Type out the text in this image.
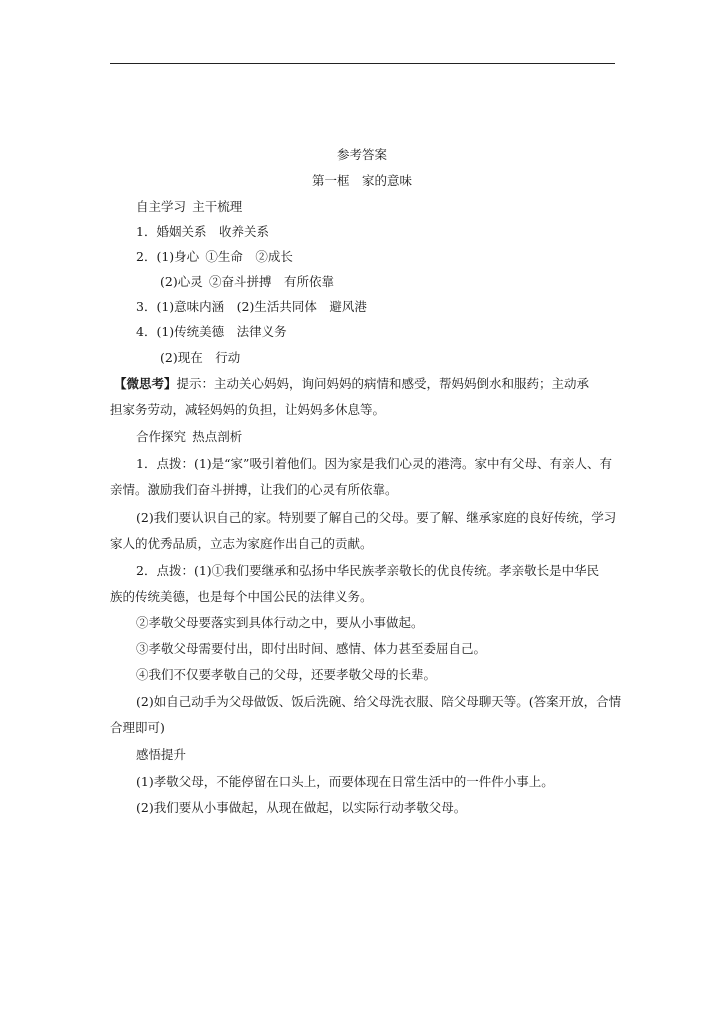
参考答案
第一框　家的意味
自主学习 主干梳理
1．婚姻关系　收养关系
2．(1)身心 ①生命　②成长
(2)心灵 ②奋斗拼搏　有所依靠
3．(1)意味内涵　(2)生活共同体　避风港
4．(1)传统美德　法律义务
(2)现在　行动
【微思考】提示：主动关心妈妈，询问妈妈的病情和感受，帮妈妈倒水和服药；主动承
担家务劳动，减轻妈妈的负担，让妈妈多休息等。
合作探究 热点剖析
1．点拨：(1)是“家”吸引着他们。因为家是我们心灵的港湾。家中有父母、有亲人、有
亲情。激励我们奋斗拼搏，让我们的心灵有所依靠。
(2)我们要认识自己的家。特别要了解自己的父母。要了解、继承家庭的良好传统，学习
家人的优秀品质，立志为家庭作出自己的贡献。
2．点拨：(1)①我们要继承和弘扬中华民族孝亲敬长的优良传统。孝亲敬长是中华民
族的传统美德，也是每个中国公民的法律义务。
②孝敬父母要落实到具体行动之中，要从小事做起。
③孝敬父母需要付出，即付出时间、感情、体力甚至委屈自己。
④我们不仅要孝敬自己的父母，还要孝敬父母的长辈。
(2)如自己动手为父母做饭、饭后洗碗、给父母洗衣服、陪父母聊天等。(答案开放，合情
合理即可)
感悟提升
(1)孝敬父母，不能停留在口头上，而要体现在日常生活中的一件件小事上。
(2)我们要从小事做起，从现在做起，以实际行动孝敬父母。
